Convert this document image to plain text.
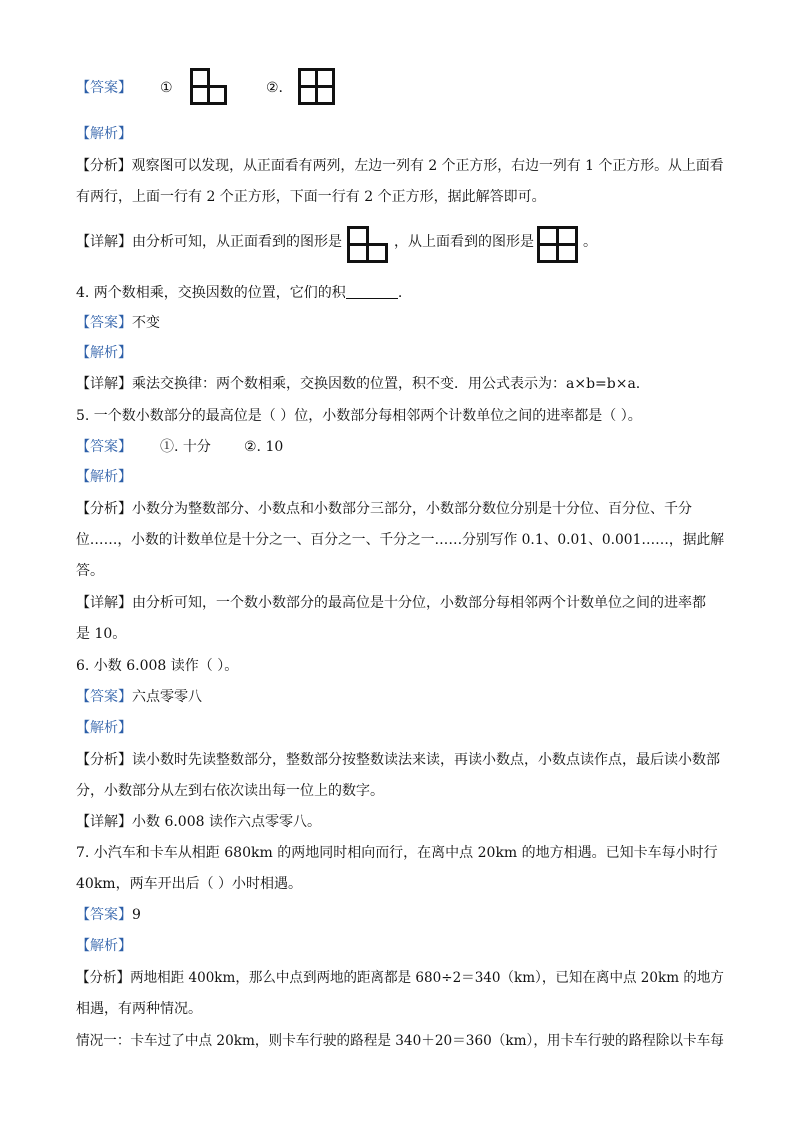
【答案】 ①	②.
【解析】
【分析】观察图可以发现，从正面看有两列，左边一列有 2 个正方形，右边一列有 1 个正方形。从上面看
有两行，上面一行有 2 个正方形，下面一行有 2 个正方形，据此解答即可。
【详解】由分析可知，从正面看到的图形是	，从上面看到的图形是	。
4. 两个数相乘，交换因数的位置，它们的积	.
【答案】不变
【解析】
【详解】乘法交换律：两个数相乘，交换因数的位置，积不变．用公式表示为：a×b=b×a.
5. 一个数小数部分的最高位是（ ）位，小数部分每相邻两个计数单位之间的进率都是（ ）。
【答案】 ①. 十分 ②. 10
【解析】
【分析】小数分为整数部分、小数点和小数部分三部分，小数部分数位分别是十分位、百分位、千分
位……，小数的计数单位是十分之一、百分之一、千分之一……分别写作 0.1、0.01、0.001……，据此解
答。
【详解】由分析可知，一个数小数部分的最高位是十分位，小数部分每相邻两个计数单位之间的进率都
是 10。
6. 小数 6.008 读作（ ）。
【答案】六点零零八
【解析】
【分析】读小数时先读整数部分，整数部分按整数读法来读，再读小数点，小数点读作点，最后读小数部
分，小数部分从左到右依次读出每一位上的数字。
【详解】小数 6.008 读作六点零零八。
7. 小汽车和卡车从相距 680km 的两地同时相向而行，在离中点 20km 的地方相遇。已知卡车每小时行
40km，两车开出后（ ）小时相遇。
【答案】9
【解析】
【分析】两地相距 400km，那么中点到两地的距离都是 680÷2＝340（km），已知在离中点 20km 的地方
相遇，有两种情况。
情况一：卡车过了中点 20km，则卡车行驶的路程是 340＋20＝360（km），用卡车行驶的路程除以卡车每
